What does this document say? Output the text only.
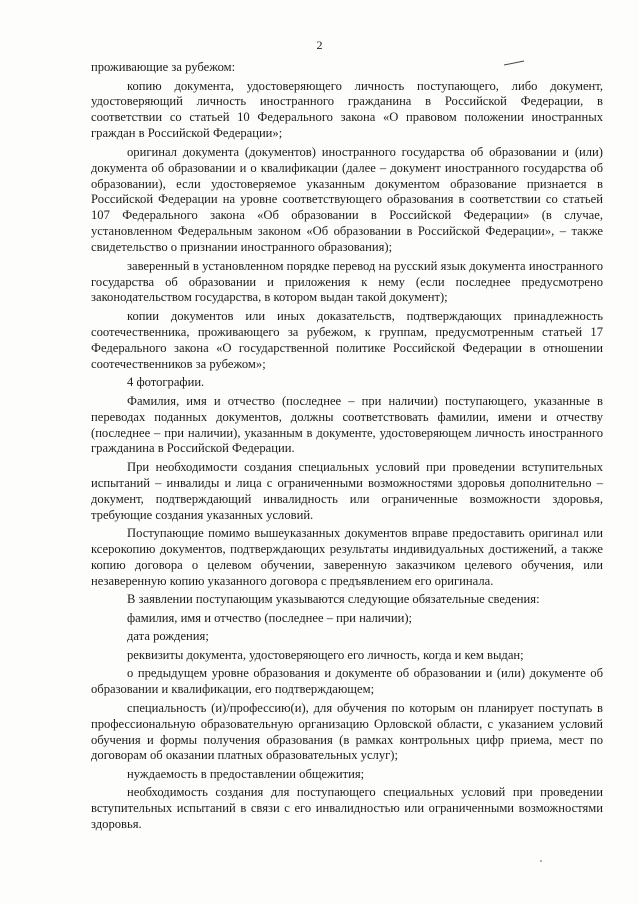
2

проживающие за рубежом:

копию документа, удостоверяющего личность поступающего, либо документ, удостоверяющий личность иностранного гражданина в Российской Федерации, в соответствии со статьей 10 Федерального закона «О правовом положении иностранных граждан в Российской Федерации»;

оригинал документа (документов) иностранного государства об образовании и (или) документа об образовании и о квалификации (далее – документ иностранного государства об образовании), если удостоверяемое указанным документом образование признается в Российской Федерации на уровне соответствующего образования в соответствии со статьей 107 Федерального закона «Об образовании в Российской Федерации» (в случае, установленном Федеральным законом «Об образовании в Российской Федерации», – также свидетельство о признании иностранного образования);

заверенный в установленном порядке перевод на русский язык документа иностранного государства об образовании и приложения к нему (если последнее предусмотрено законодательством государства, в котором выдан такой документ);

копии документов или иных доказательств, подтверждающих принадлежность соотечественника, проживающего за рубежом, к группам, предусмотренным статьей 17 Федерального закона «О государственной политике Российской Федерации в отношении соотечественников за рубежом»;

4 фотографии.

Фамилия, имя и отчество (последнее – при наличии) поступающего, указанные в переводах поданных документов, должны соответствовать фамилии, имени и отчеству (последнее – при наличии), указанным в документе, удостоверяющем личность иностранного гражданина в Российской Федерации.

При необходимости создания специальных условий при проведении вступительных испытаний – инвалиды и лица с ограниченными возможностями здоровья дополнительно – документ, подтверждающий инвалидность или ограниченные возможности здоровья, требующие создания указанных условий.

Поступающие помимо вышеуказанных документов вправе предоставить оригинал или ксерокопию документов, подтверждающих результаты индивидуальных достижений, а также копию договора о целевом обучении, заверенную заказчиком целевого обучения, или незаверенную копию указанного договора с предъявлением его оригинала.

В заявлении поступающим указываются следующие обязательные сведения:

фамилия, имя и отчество (последнее – при наличии);

дата рождения;

реквизиты документа, удостоверяющего его личность, когда и кем выдан;

о предыдущем уровне образования и документе об образовании и (или) документе об образовании и квалификации, его подтверждающем;

специальность (и)/профессию(и), для обучения по которым он планирует поступать в профессиональную образовательную организацию Орловской области, с указанием условий обучения и формы получения образования (в рамках контрольных цифр приема, мест по договорам об оказании платных образовательных услуг);

нуждаемость в предоставлении общежития;

необходимость создания для поступающего специальных условий при проведении вступительных испытаний в связи с его инвалидностью или ограниченными возможностями здоровья.
